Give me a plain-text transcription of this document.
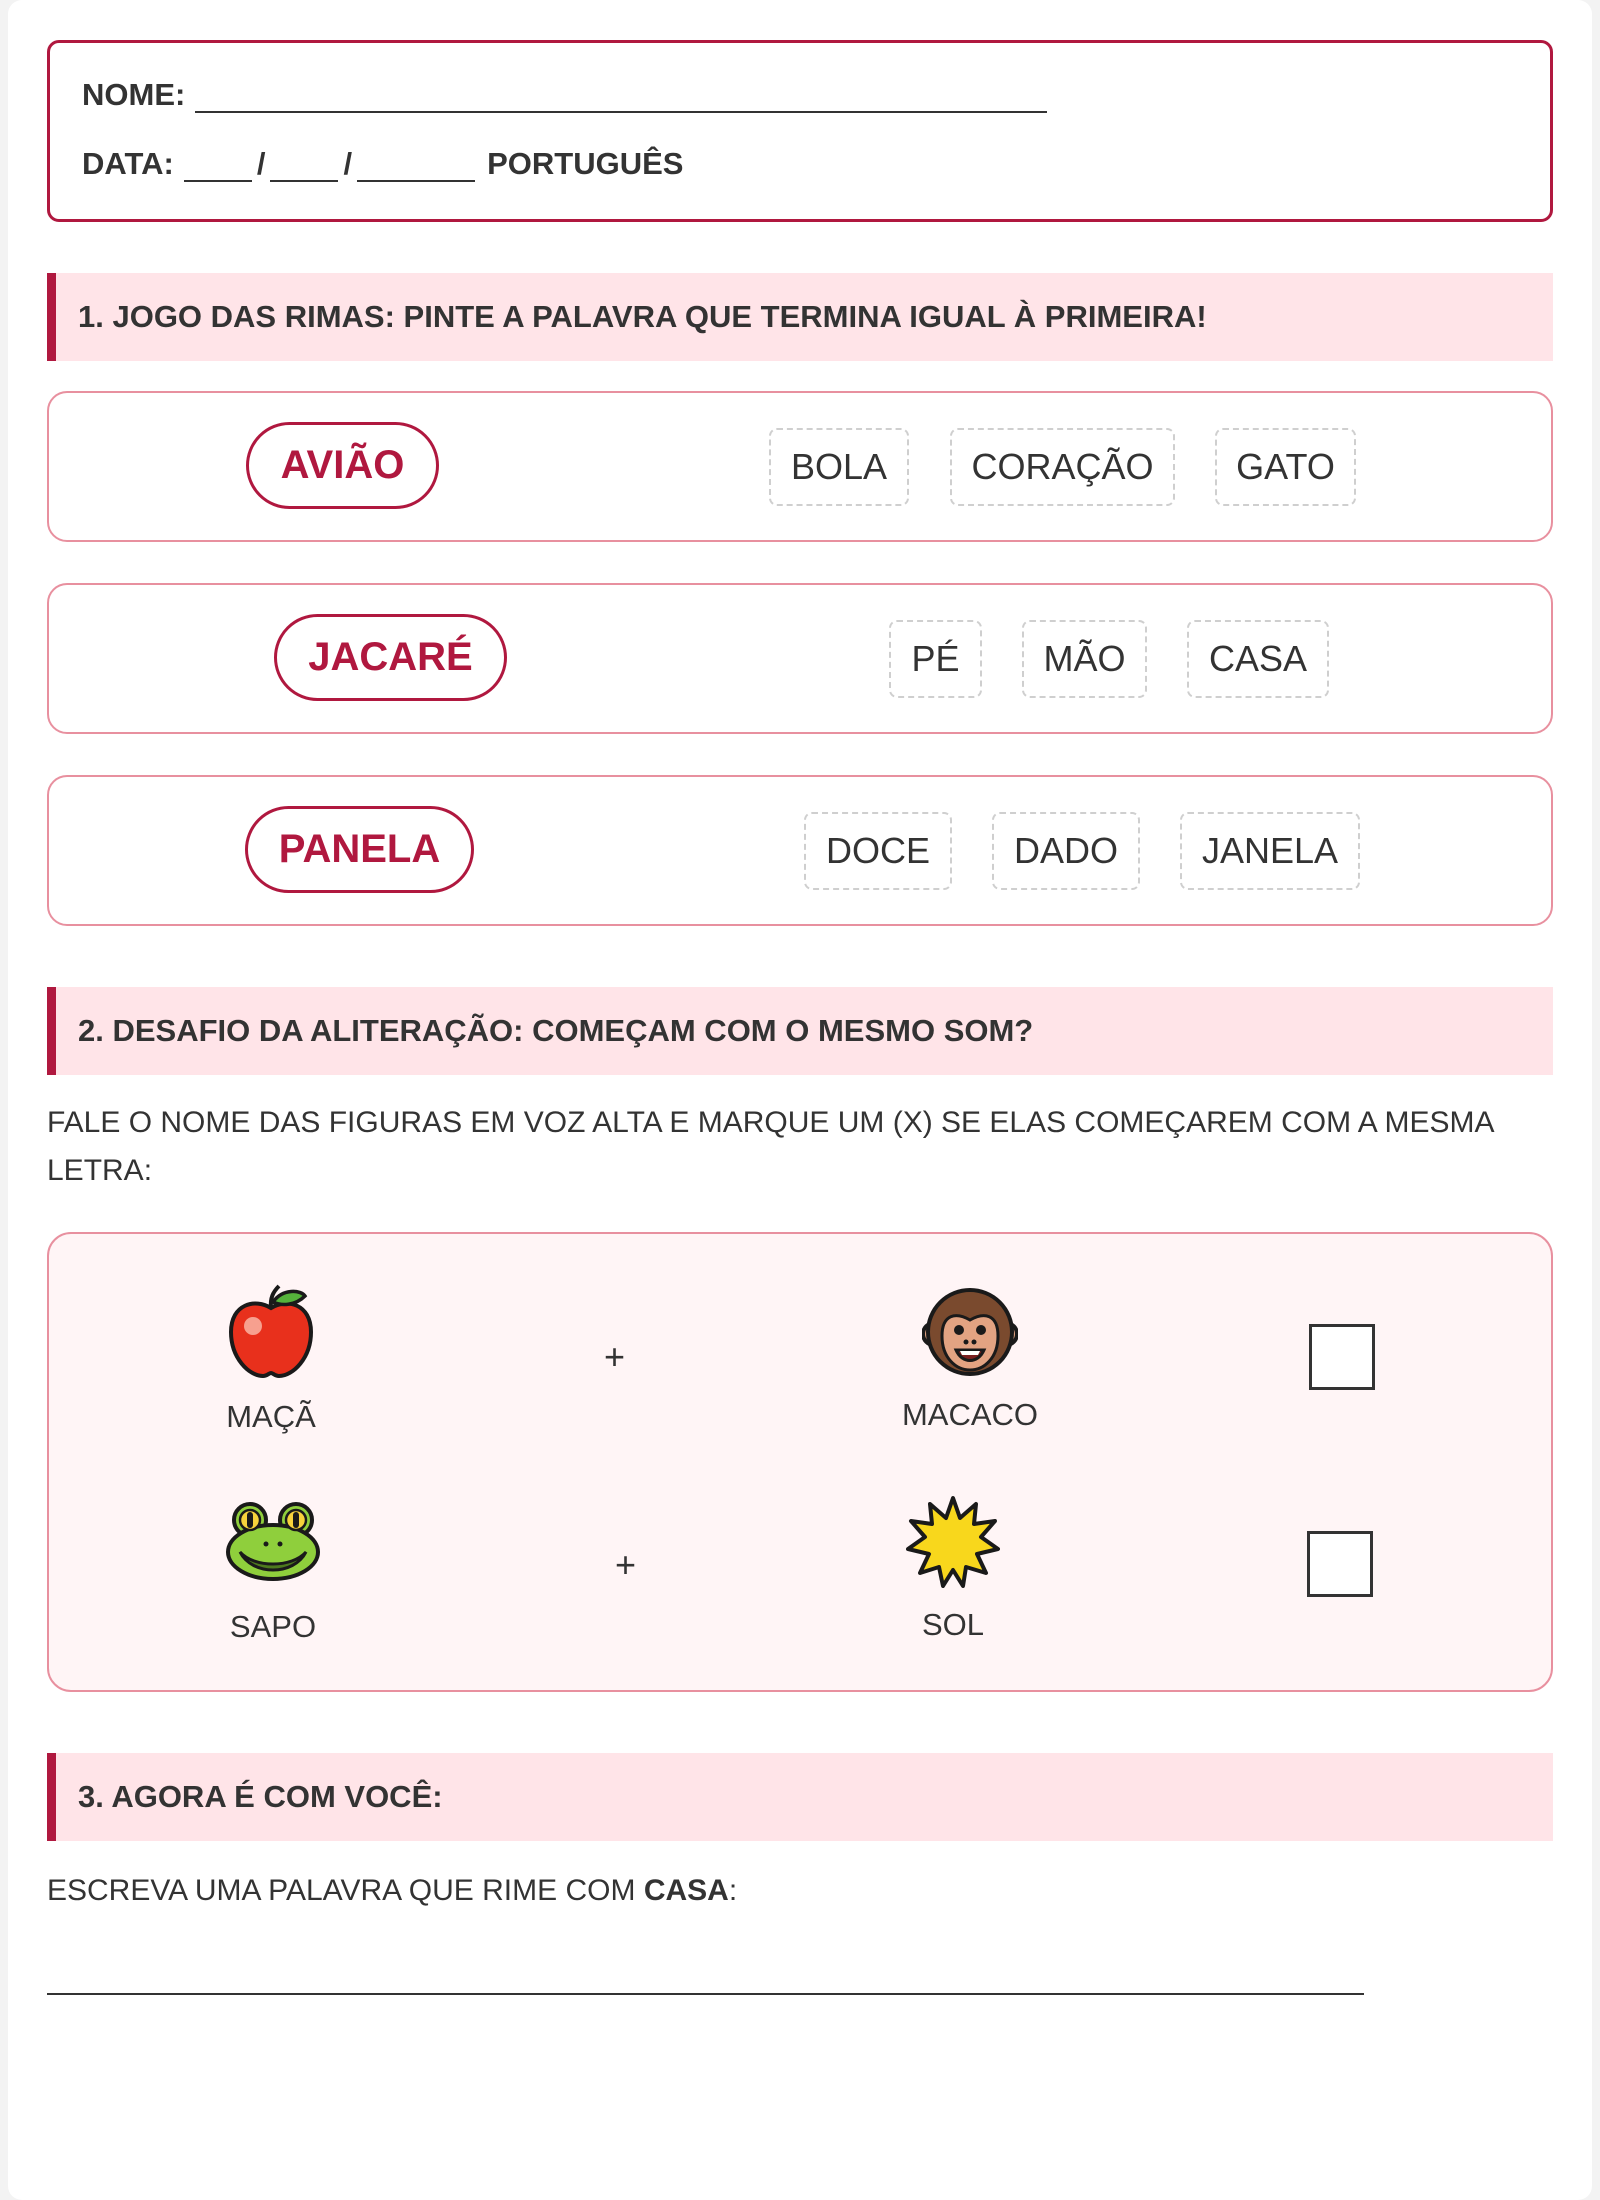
NOME:
DATA:	/	/	PORTUGUÊS
1. JOGO DAS RIMAS: PINTE A PALAVRA QUE TERMINA IGUAL À PRIMEIRA!
AVIÃO	BOLA	CORAÇÃO	GATO
JACARÉ	PÉ	MÃO	CASA
PANELA	DOCE	DADO	JANELA
2. DESAFIO DA ALITERAÇÃO: COMEÇAM COM O MESMO SOM?
FALE O NOME DAS FIGURAS EM VOZ ALTA E MARQUE UM (X) SE ELAS COMEÇAREM COM A MESMA LETRA:
MAÇÃ
+
MACACO
SAPO
+
SOL
3. AGORA É COM VOCÊ:
ESCREVA UMA PALAVRA QUE RIME COM CASA:
